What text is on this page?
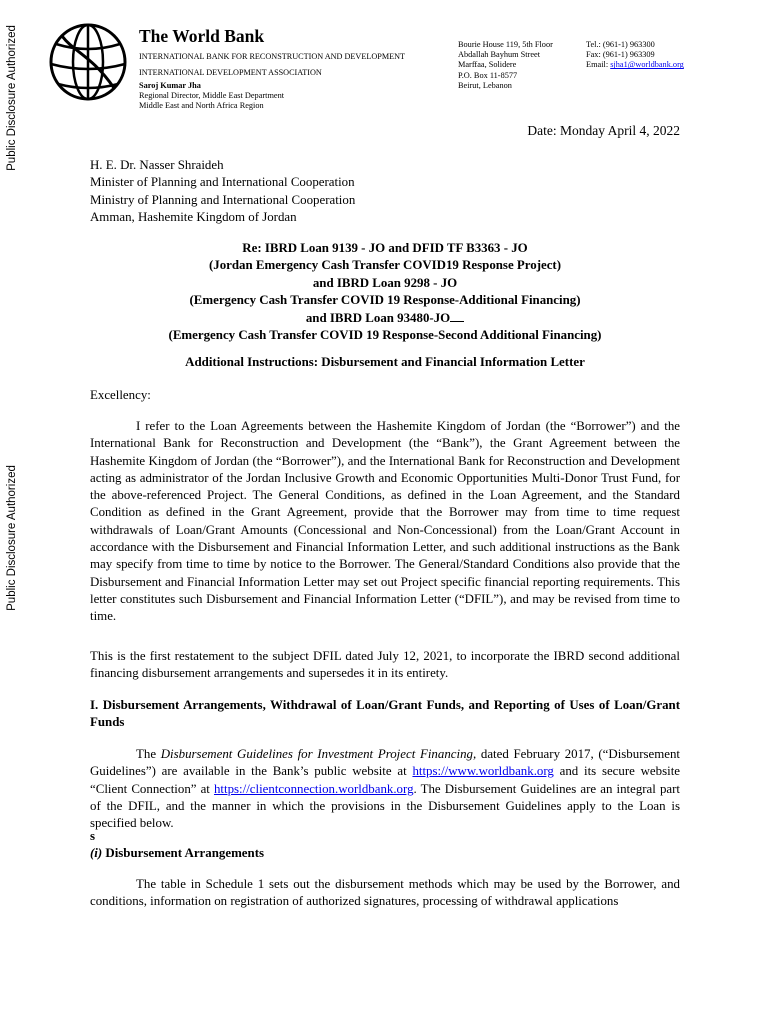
Public Disclosure Authorized
Public Disclosure Authorized
The World Bank
INTERNATIONAL BANK FOR RECONSTRUCTION AND DEVELOPMENT
INTERNATIONAL DEVELOPMENT ASSOCIATION
Saroj Kumar Jha
Regional Director, Middle East Department
Middle East and North Africa Region
Bourie House 119, 5th Floor
Abdallah Bayhum Street
Marffaa, Solidere
P.O. Box 11-8577
Beirut, Lebanon
Tel.: (961-1) 963300
Fax: (961-1) 963309
Email: sjha1@worldbank.org
Date: Monday April 4, 2022
H. E. Dr. Nasser Shraideh
Minister of Planning and International Cooperation
Ministry of Planning and International Cooperation
Amman, Hashemite Kingdom of Jordan
Re: IBRD Loan 9139 - JO and DFID TF B3363 - JO
(Jordan Emergency Cash Transfer COVID19 Response Project)
and IBRD Loan 9298 - JO
(Emergency Cash Transfer COVID 19 Response-Additional Financing)
and IBRD Loan 93480-JO
(Emergency Cash Transfer COVID 19 Response-Second Additional Financing)
Additional Instructions: Disbursement and Financial Information Letter
Excellency:
I refer to the Loan Agreements between the Hashemite Kingdom of Jordan (the “Borrower”) and the International Bank for Reconstruction and Development (the “Bank”), the Grant Agreement between the Hashemite Kingdom of Jordan (the “Borrower”), and the International Bank for Reconstruction and Development acting as administrator of the Jordan Inclusive Growth and Economic Opportunities Multi-Donor Trust Fund, for the above-referenced Project. The General Conditions, as defined in the Loan Agreement, and the Standard Condition as defined in the Grant Agreement, provide that the Borrower may from time to time request withdrawals of Loan/Grant Amounts (Concessional and Non-Concessional) from the Loan/Grant Account in accordance with the Disbursement and Financial Information Letter, and such additional instructions as the Bank may specify from time to time by notice to the Borrower. The General/Standard Conditions also provide that the Disbursement and Financial Information Letter may set out Project specific financial reporting requirements. This letter constitutes such Disbursement and Financial Information Letter (“DFIL”), and may be revised from time to time.
This is the first restatement to the subject DFIL dated July 12, 2021, to incorporate the IBRD second additional financing disbursement arrangements and supersedes it in its entirety.
I. Disbursement Arrangements, Withdrawal of Loan/Grant Funds, and Reporting of Uses of Loan/Grant Funds
The Disbursement Guidelines for Investment Project Financing, dated February 2017, (“Disbursement Guidelines”) are available in the Bank’s public website at https://www.worldbank.org and its secure website “Client Connection” at https://clientconnection.worldbank.org. The Disbursement Guidelines are an integral part of the DFIL, and the manner in which the provisions in the Disbursement Guidelines apply to the Loan is specified below.
s
(i) Disbursement Arrangements
The table in Schedule 1 sets out the disbursement methods which may be used by the Borrower, and conditions, information on registration of authorized signatures, processing of withdrawal applications
